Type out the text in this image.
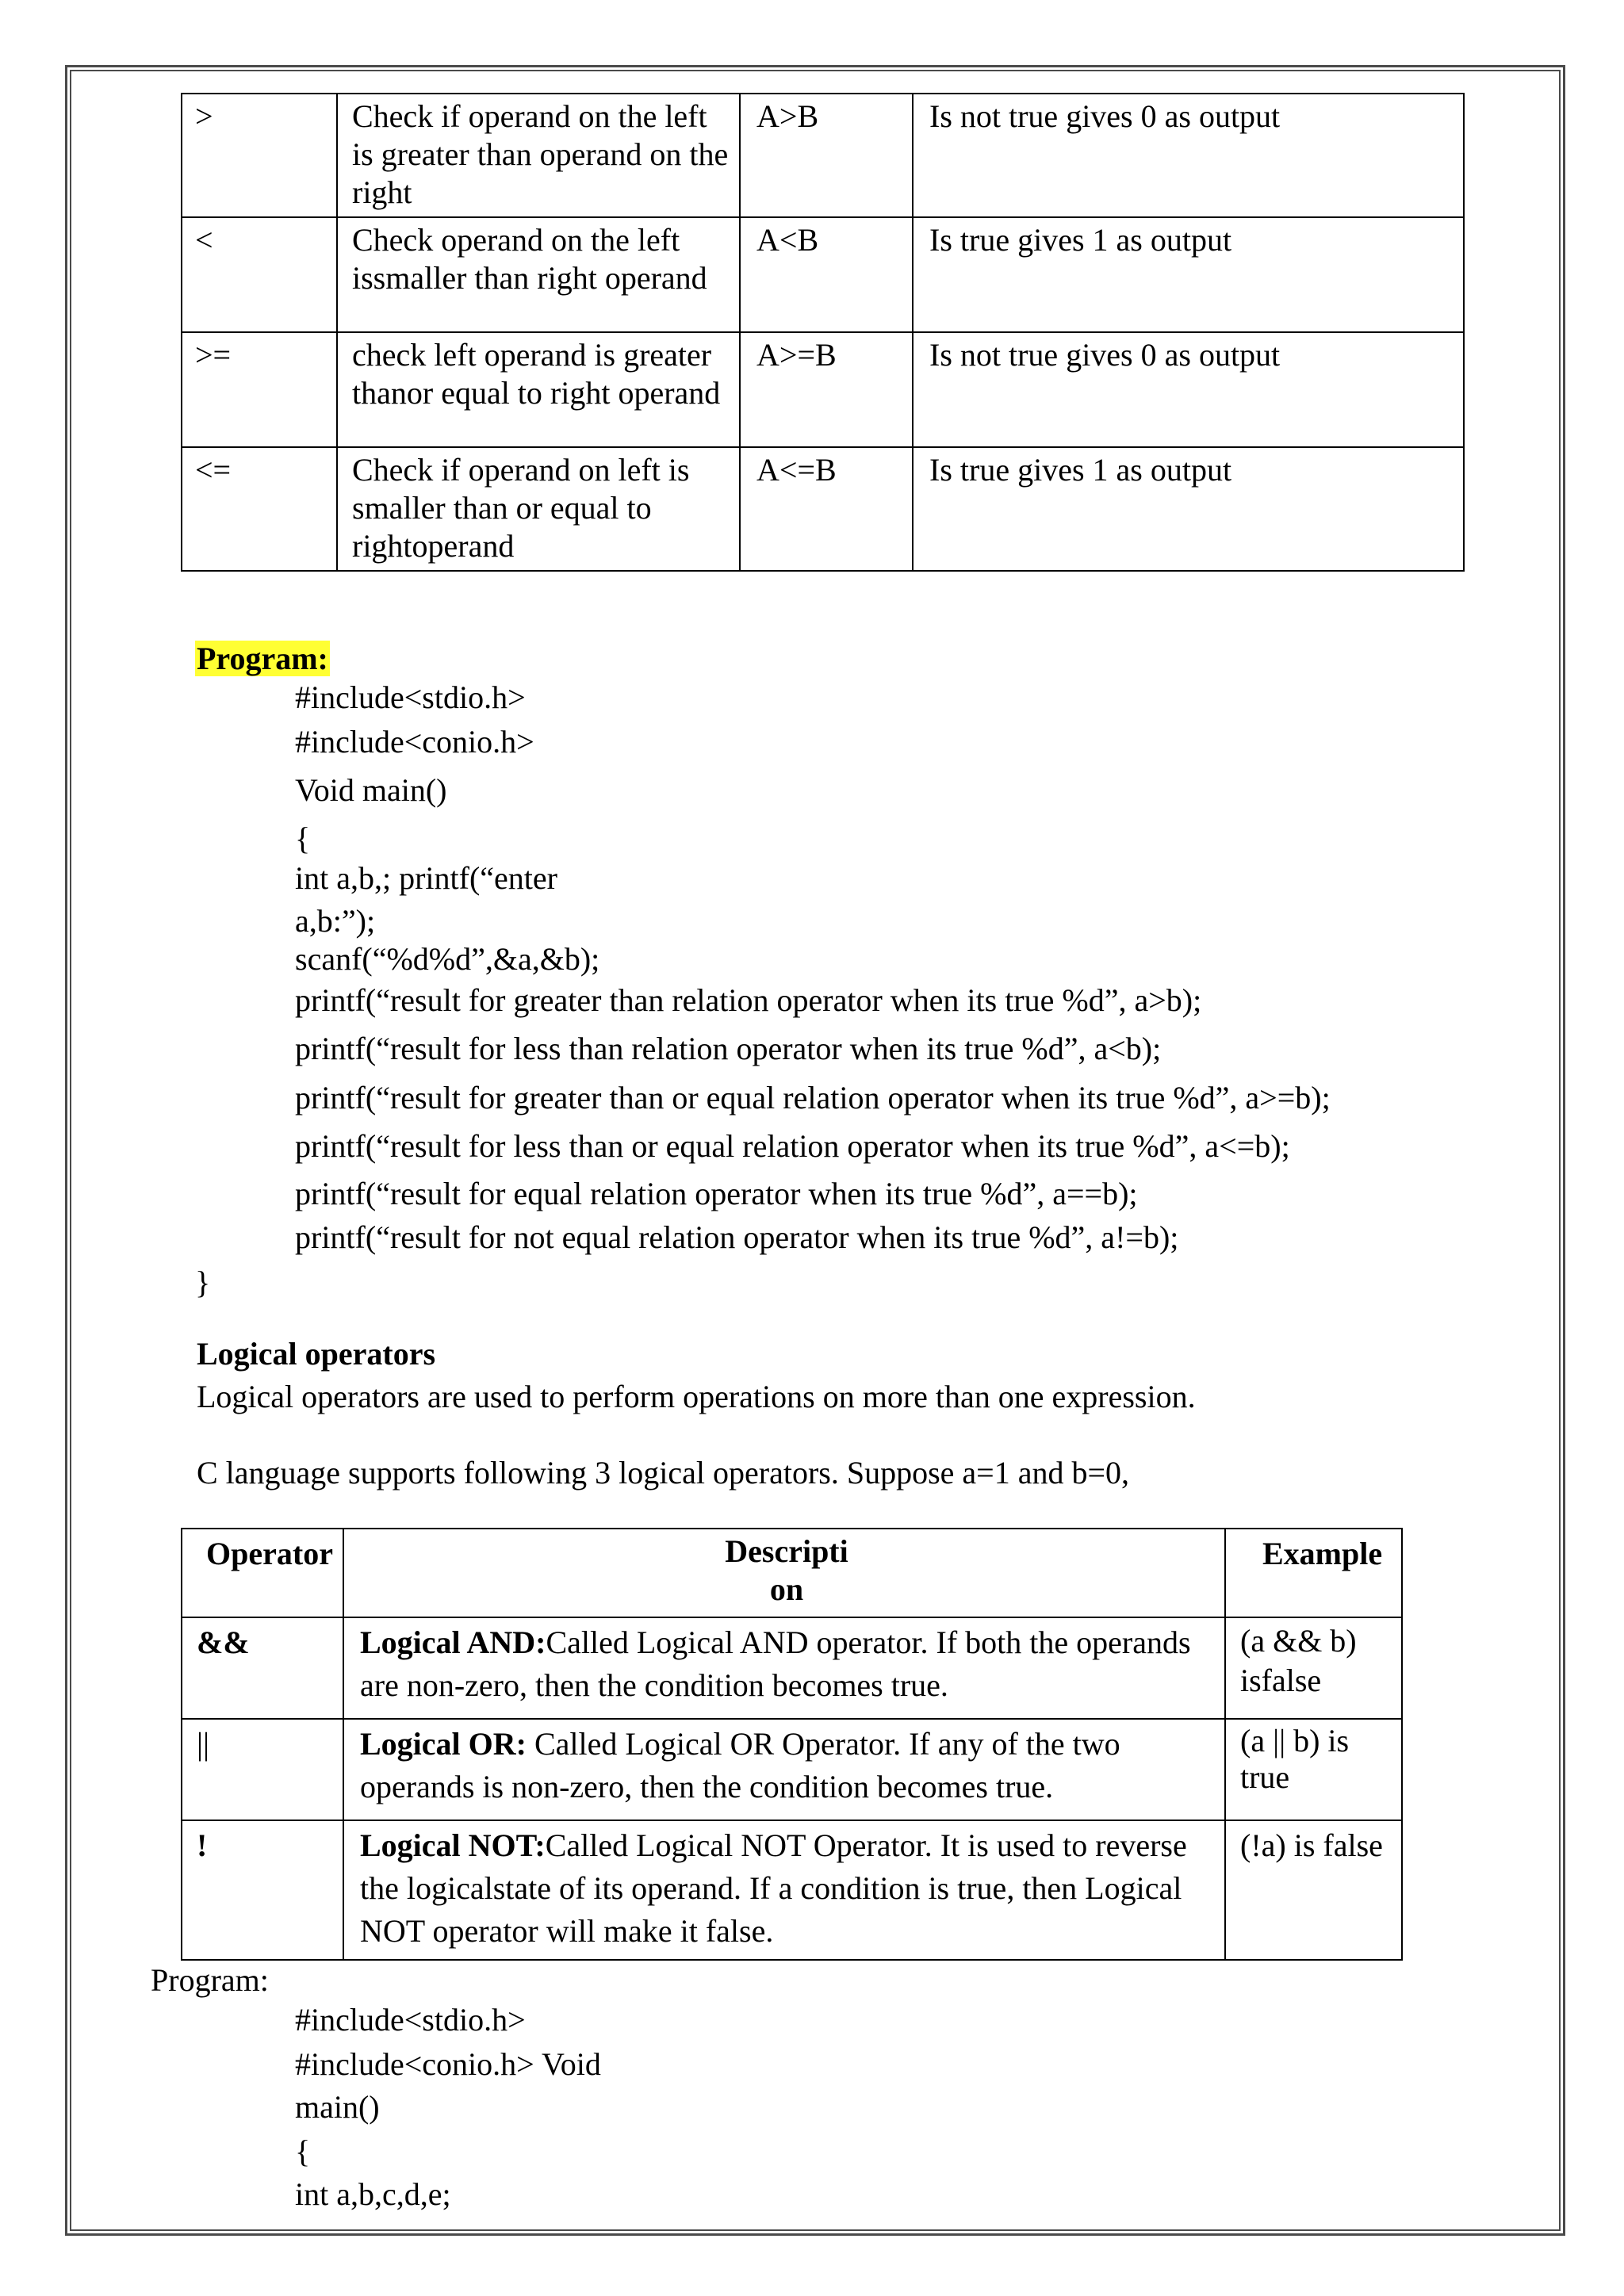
>	Check if operand on the left is greater than operand on the right	A>B	Is not true gives 0 as output
<	Check operand on the left issmaller than right operand	A<B	Is true gives 1 as output
>=	check left operand is greater thanor equal to right operand	A>=B	Is not true gives 0 as output
<=	Check if operand on left is smaller than or equal to rightoperand	A<=B	Is true gives 1 as output
Program:
#include<stdio.h>
#include<conio.h>
Void main()
{
int a,b,; printf(“enter
a,b:”);
scanf(“%d%d”,&a,&b);
printf(“result for greater than relation operator when its true %d”, a>b);
printf(“result for less than relation operator when its true %d”, a<b);
printf(“result for greater than or equal relation operator when its true %d”, a>=b);
printf(“result for less than or equal relation operator when its true %d”, a<=b);
printf(“result for equal relation operator when its true %d”, a==b);
printf(“result for not equal relation operator when its true %d”, a!=b);
}
Logical operators
Logical operators are used to perform operations on more than one expression.
C language supports following 3 logical operators. Suppose a=1 and b=0,
Operator	Descripti on	Example
&&	Logical AND:Called Logical AND operator. If both the operands are non-zero, then the condition becomes true.	(a && b) isfalse
||	Logical OR: Called Logical OR Operator. If any of the two operands is non-zero, then the condition becomes true.	(a || b) is true
!	Logical NOT:Called Logical NOT Operator. It is used to reverse the logicalstate of its operand. If a condition is true, then Logical NOT operator will make it false.	(!a) is false
Program:
#include<stdio.h>
#include<conio.h> Void
main()
{
int a,b,c,d,e;
